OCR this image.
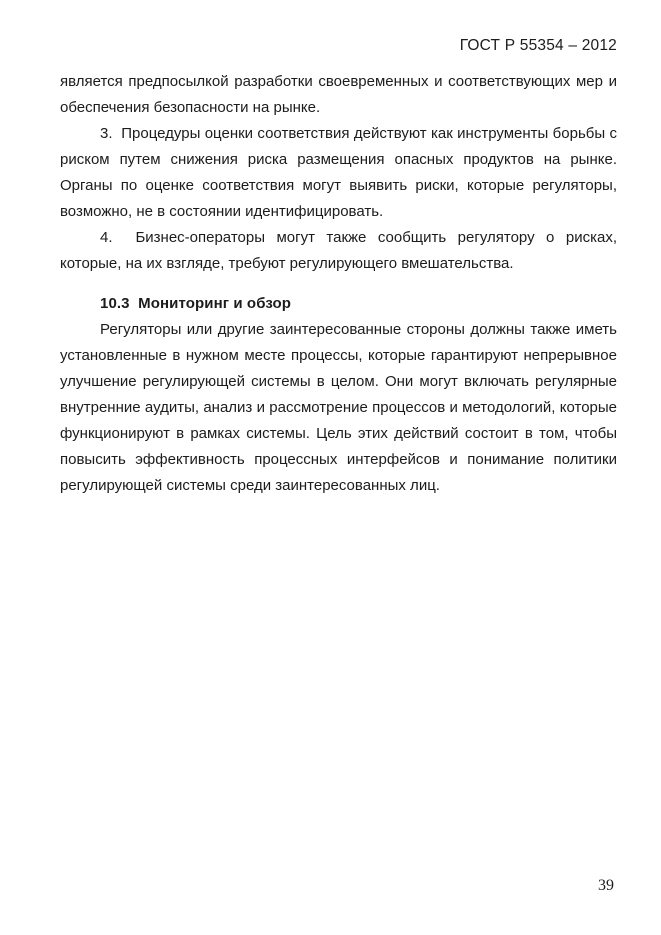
ГОСТ Р 55354 – 2012

является предпосылкой разработки своевременных и соответствующих мер и обеспечения безопасности на рынке.

3.  Процедуры оценки соответствия действуют как инструменты борьбы с риском путем снижения риска размещения опасных продуктов на рынке. Органы по оценке соответствия могут выявить риски, которые регуляторы, возможно, не в состоянии идентифицировать.

4.  Бизнес-операторы могут также сообщить регулятору о рисках, которые, на их взгляде, требуют регулирующего вмешательства.

10.3  Мониторинг и обзор

Регуляторы или другие заинтересованные стороны должны также иметь установленные в нужном месте процессы, которые гарантируют непрерывное улучшение регулирующей системы в целом. Они могут включать регулярные внутренние аудиты, анализ и рассмотрение процессов и методологий, которые функционируют в рамках системы. Цель этих действий состоит в том, чтобы повысить эффективность процессных интерфейсов и понимание политики регулирующей системы среди заинтересованных лиц.

39
